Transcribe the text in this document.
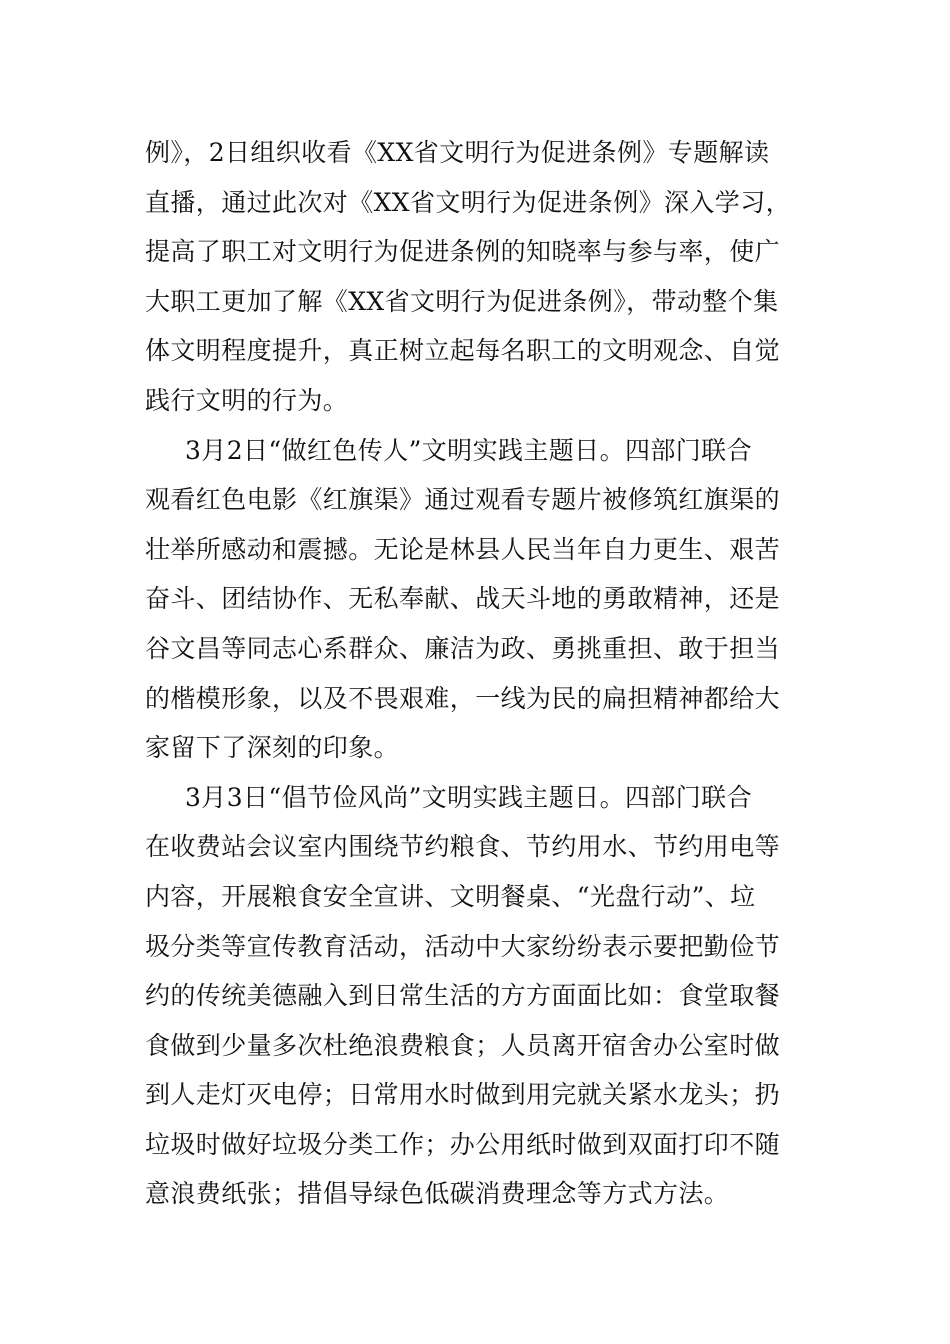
例》，2日组织收看《XX省文明行为促进条例》专题解读
直播，通过此次对《XX省文明行为促进条例》深入学习，
提高了职工对文明行为促进条例的知晓率与参与率，使广
大职工更加了解《XX省文明行为促进条例》，带动整个集
体文明程度提升，真正树立起每名职工的文明观念、自觉
践行文明的行为。
3月2日“做红色传人”文明实践主题日。四部门联合
观看红色电影《红旗渠》通过观看专题片被修筑红旗渠的
壮举所感动和震撼。无论是林县人民当年自力更生、艰苦
奋斗、团结协作、无私奉献、战天斗地的勇敢精神，还是
谷文昌等同志心系群众、廉洁为政、勇挑重担、敢于担当
的楷模形象，以及不畏艰难，一线为民的扁担精神都给大
家留下了深刻的印象。
3月3日“倡节俭风尚”文明实践主题日。四部门联合
在收费站会议室内围绕节约粮食、节约用水、节约用电等
内容，开展粮食安全宣讲、文明餐桌、“光盘行动”、垃
圾分类等宣传教育活动，活动中大家纷纷表示要把勤俭节
约的传统美德融入到日常生活的方方面面比如：食堂取餐
食做到少量多次杜绝浪费粮食；人员离开宿舍办公室时做
到人走灯灭电停；日常用水时做到用完就关紧水龙头；扔
垃圾时做好垃圾分类工作；办公用纸时做到双面打印不随
意浪费纸张；措倡导绿色低碳消费理念等方式方法。
